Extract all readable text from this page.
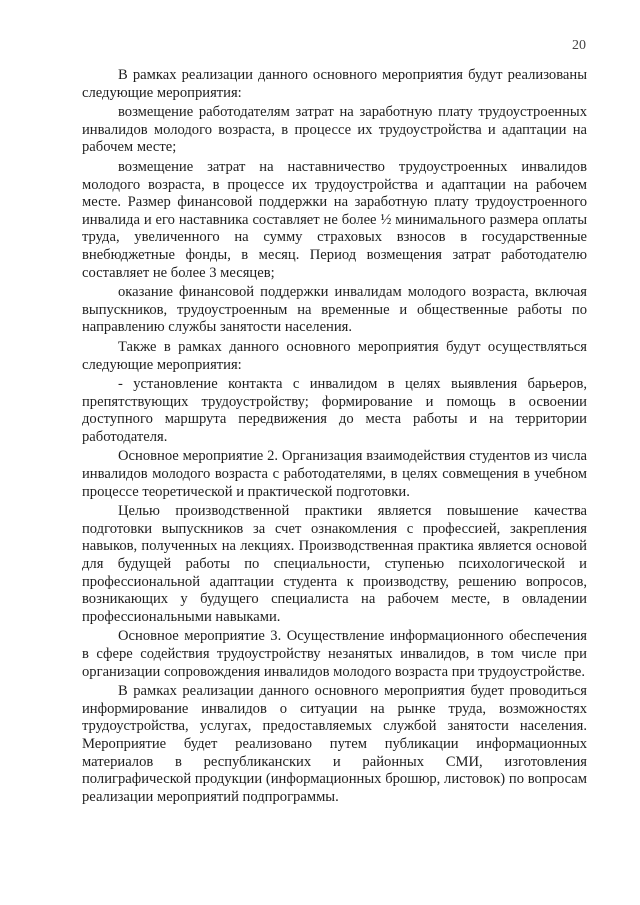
20

В рамках реализации данного основного мероприятия будут реализованы следующие мероприятия:

возмещение работодателям затрат на заработную плату трудоустроенных инвалидов молодого возраста, в процессе их трудоустройства и адаптации на рабочем месте;

возмещение затрат на наставничество трудоустроенных инвалидов молодого возраста, в процессе их трудоустройства и адаптации на рабочем месте. Размер финансовой поддержки на заработную плату трудоустроенного инвалида и его наставника составляет не более ½ минимального размера оплаты труда, увеличенного на сумму страховых взносов в государственные внебюджетные фонды, в месяц. Период возмещения затрат работодателю составляет не более 3 месяцев;

оказание финансовой поддержки инвалидам молодого возраста, включая выпускников, трудоустроенным на временные и общественные работы по направлению службы занятости населения.

Также в рамках данного основного мероприятия будут осуществляться следующие мероприятия:

- установление контакта с инвалидом в целях выявления барьеров, препятствующих трудоустройству; формирование и помощь в освоении доступного маршрута передвижения до места работы и на территории работодателя.

Основное мероприятие 2. Организация взаимодействия студентов из числа инвалидов молодого возраста с работодателями, в целях совмещения в учебном процессе теоретической и практической подготовки.

Целью производственной практики является повышение качества подготовки выпускников за счет ознакомления с профессией, закрепления навыков, полученных на лекциях. Производственная практика является основой для будущей работы по специальности, ступенью психологической и профессиональной адаптации студента к производству, решению вопросов, возникающих у будущего специалиста на рабочем месте, в овладении профессиональными навыками.

Основное мероприятие 3. Осуществление информационного обеспечения в сфере содействия трудоустройству незанятых инвалидов, в том числе при организации сопровождения инвалидов молодого возраста при трудоустройстве.

В рамках реализации данного основного мероприятия будет проводиться информирование инвалидов о ситуации на рынке труда, возможностях трудоустройства, услугах, предоставляемых службой занятости населения. Мероприятие будет реализовано путем публикации информационных материалов в республиканских и районных СМИ, изготовления полиграфической продукции (информационных брошюр, листовок) по вопросам реализации мероприятий подпрограммы.
